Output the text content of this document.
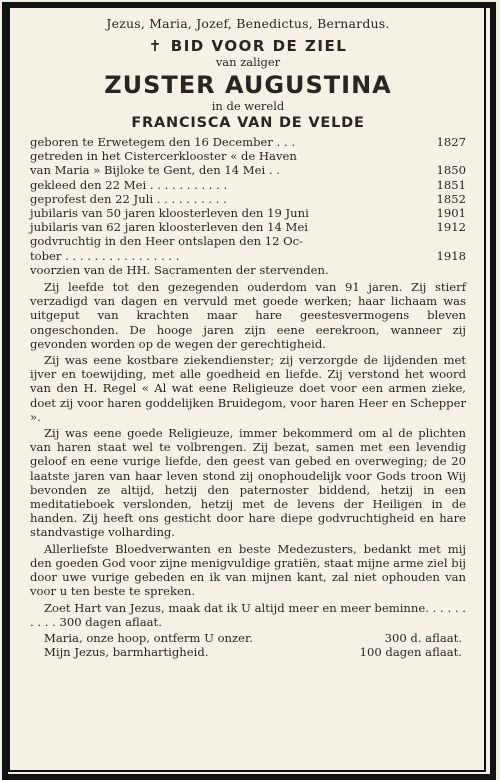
Jezus, Maria, Jozef, Benedictus, Bernardus.
✝ BID VOOR DE ZIEL
van zaliger
ZUSTER AUGUSTINA
in de wereld
FRANCISCA VAN DE VELDE
geboren te Erwetegem den 16 December . . .	1827
getreden in het Cistercerklooster « de Haven
van Maria » Bijloke te Gent, den 14 Mei . .	1850
gekleed den 22 Mei . . . . . . . . . . .	1851
geprofest den 22 Juli . . . . . . . . . .	1852
jubilaris van 50 jaren kloosterleven den 19 Juni	1901
jubilaris van 62 jaren kloosterleven den 14 Mei	1912
godvruchtig in den Heer ontslapen den 12 Oc-
tober . . . . . . . . . . . . . . . .	1918
voorzien van de HH. Sacramenten der stervenden.

Zij leefde tot den gezegenden ouderdom van 91 jaren. Zij stierf verzadigd van dagen en vervuld met goede werken; haar lichaam was uitgeput van krachten maar hare geestesvermogens bleven ongeschonden. De hooge jaren zijn eene eerekroon, wanneer zij gevonden worden op de wegen der gerechtigheid.

Zij was eene kostbare ziekendienster; zij verzorgde de lijdenden met ijver en toewijding, met alle goedheid en liefde. Zij verstond het woord van den H. Regel « Al wat eene Religieuze doet voor een armen zieke, doet zij voor haren goddelijken Bruidegom, voor haren Heer en Schepper ».

Zij was eene goede Religieuze, immer bekommerd om al de plichten van haren staat wel te volbrengen. Zij bezat, samen met een levendig geloof en eene vurige liefde, den geest van gebed en overweging; de 20 laatste jaren van haar leven stond zij onophoudelijk voor Gods troon Wij bevonden ze altijd, hetzij den paternoster biddend, hetzij in een meditatieboek verslonden, hetzij met de levens der Heiligen in de handen. Zij heeft ons gesticht door hare diepe godvruchtigheid en hare standvastige volharding.

Allerliefste Bloedverwanten en beste Medezusters, bedankt met mij den goeden God voor zijne menigvuldige gratiën, staat mijne arme ziel bij door uwe vurige gebeden en ik van mijnen kant, zal niet ophouden van voor u ten beste te spreken.

Zoet Hart van Jezus, maak dat ik U altijd meer en meer beminne. . . . . . . . . . 300 dagen aflaat.

Maria, onze hoop, ontferm U onzer.	300 d. aflaat.
Mijn Jezus, barmhartigheid.	100 dagen aflaat.
